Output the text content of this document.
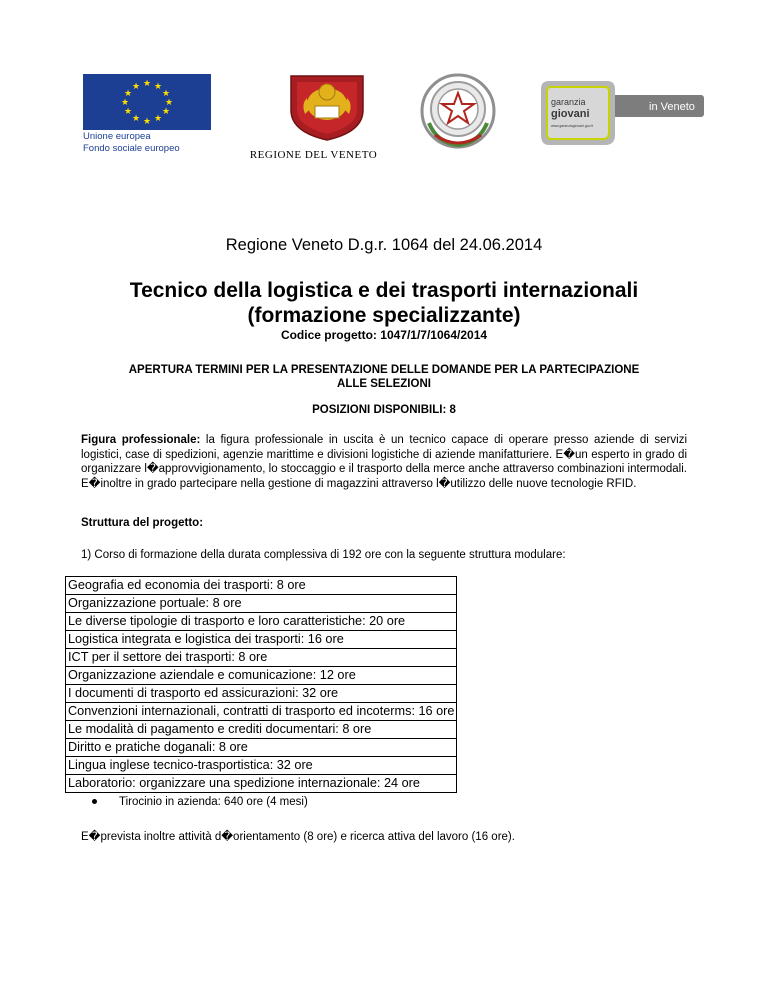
★ ★
★
★
★
★
★
★
★
★
★
★
Unione europea
Fondo sociale europeo
REGIONE DEL VENETO
in Veneto
garanzia
giovani
www.garanziagiovani.gov.it
Regione Veneto D.g.r. 1064 del 24.06.2014
Tecnico della logistica e dei trasporti internazionali
(formazione specializzante)
Codice progetto: 1047/1/7/1064/2014
APERTURA TERMINI PER LA PRESENTAZIONE DELLE DOMANDE PER LA PARTECIPAZIONE
ALLE SELEZIONI
POSIZIONI DISPONIBILI: 8
Figura professionale: la figura professionale in uscita è un tecnico capace di operare presso aziende di servizi logistici, case di spedizioni, agenzie marittime e divisioni logistiche di aziende manifatturiere. E�un esperto in grado di organizzare l�approvvigionamento, lo stoccaggio e il trasporto della merce anche attraverso combinazioni intermodali. E�inoltre in grado partecipare nella gestione di magazzini attraverso l�utilizzo delle nuove tecnologie RFID.
Struttura del progetto:
1) Corso di formazione della durata complessiva di 192 ore con la seguente struttura modulare:
Geografia ed economia dei trasporti: 8 ore
Organizzazione portuale: 8 ore
Le diverse tipologie di trasporto e loro caratteristiche: 20 ore
Logistica integrata e logistica dei trasporti: 16 ore
ICT per il settore dei trasporti: 8 ore
Organizzazione aziendale e comunicazione: 12 ore
I documenti di trasporto ed assicurazioni: 32 ore
Convenzioni internazionali, contratti di trasporto ed incoterms: 16 ore
Le modalità di pagamento e crediti documentari: 8 ore
Diritto e pratiche doganali: 8 ore
Lingua inglese tecnico-trasportistica: 32 ore
Laboratorio: organizzare una spedizione internazionale: 24 ore
Tirocinio in azienda: 640 ore (4 mesi)
E�prevista inoltre attività d�orientamento (8 ore) e ricerca attiva del lavoro (16 ore).
